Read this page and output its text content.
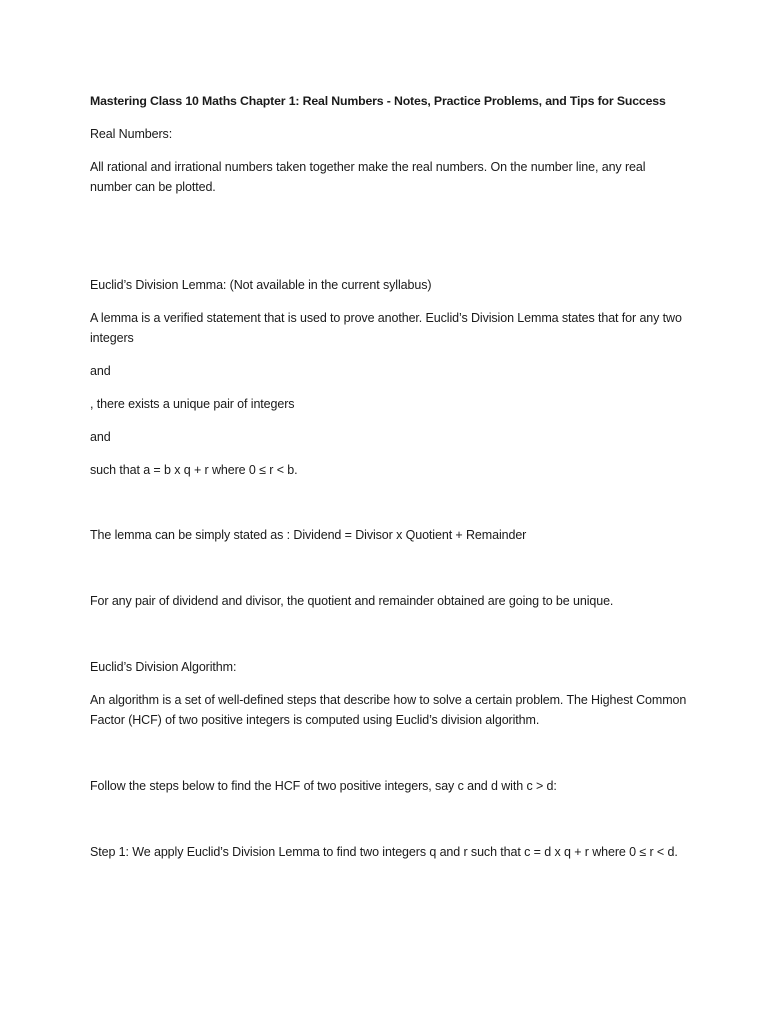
Mastering Class 10 Maths Chapter 1: Real Numbers - Notes, Practice Problems, and Tips for Success

Real Numbers:

All rational and irrational numbers taken together make the real numbers. On the number line, any real number can be plotted.

Euclid’s Division Lemma: (Not available in the current syllabus)

A lemma is a verified statement that is used to prove another. Euclid’s Division Lemma states that for any two integers

and

, there exists a unique pair of integers

and

such that a = b x q + r where 0 ≤ r < b.

The lemma can be simply stated as : Dividend = Divisor x Quotient + Remainder

For any pair of dividend and divisor, the quotient and remainder obtained are going to be unique.

Euclid’s Division Algorithm:

An algorithm is a set of well-defined steps that describe how to solve a certain problem. The Highest Common Factor (HCF) of two positive integers is computed using Euclid’s division algorithm.

Follow the steps below to find the HCF of two positive integers, say c and d with c > d:

Step 1: We apply Euclid’s Division Lemma to find two integers q and r such that c = d x q + r where 0 ≤ r < d.
